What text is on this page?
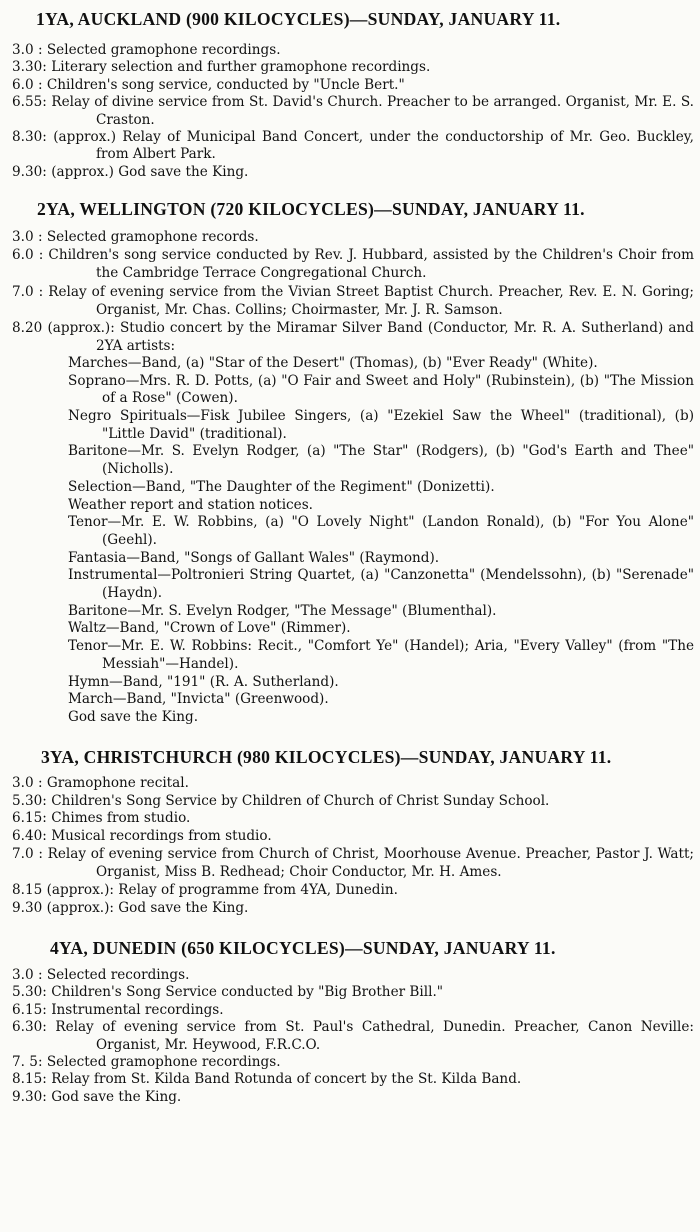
1YA, AUCKLAND (900 KILOCYCLES)—SUNDAY, JANUARY 11.

3.0 : Selected gramophone recordings.

3.30: Literary selection and further gramophone recordings.

6.0 : Children's song service, conducted by "Uncle Bert."

6.55: Relay of divine service from St. David's Church. Preacher to be arranged. Organist, Mr. E. S. Craston.

8.30: (approx.) Relay of Municipal Band Concert, under the conductorship of Mr. Geo. Buckley, from Albert Park.

9.30: (approx.) God save the King.

2YA, WELLINGTON (720 KILOCYCLES)—SUNDAY, JANUARY 11.

3.0 : Selected gramophone records.

6.0 : Children's song service conducted by Rev. J. Hubbard, assisted by the Children's Choir from the Cambridge Terrace Congregational Church.

7.0 : Relay of evening service from the Vivian Street Baptist Church. Preacher, Rev. E. N. Goring; Organist, Mr. Chas. Collins; Choirmaster, Mr. J. R. Samson.

8.20 (approx.): Studio concert by the Miramar Silver Band (Conductor, Mr. R. A. Sutherland) and 2YA artists:

Marches—Band, (a) "Star of the Desert" (Thomas), (b) "Ever Ready" (White).

Soprano—Mrs. R. D. Potts, (a) "O Fair and Sweet and Holy" (Rubinstein), (b) "The Mission of a Rose" (Cowen).

Negro Spirituals—Fisk Jubilee Singers, (a) "Ezekiel Saw the Wheel" (traditional), (b) "Little David" (traditional).

Baritone—Mr. S. Evelyn Rodger, (a) "The Star" (Rodgers), (b) "God's Earth and Thee" (Nicholls).

Selection—Band, "The Daughter of the Regiment" (Donizetti).

Weather report and station notices.

Tenor—Mr. E. W. Robbins, (a) "O Lovely Night" (Landon Ronald), (b) "For You Alone" (Geehl).

Fantasia—Band, "Songs of Gallant Wales" (Raymond).

Instrumental—Poltronieri String Quartet, (a) "Canzonetta" (Mendelssohn), (b) "Serenade" (Haydn).

Baritone—Mr. S. Evelyn Rodger, "The Message" (Blumenthal).

Waltz—Band, "Crown of Love" (Rimmer).

Tenor—Mr. E. W. Robbins: Recit., "Comfort Ye" (Handel); Aria, "Every Valley" (from "The Messiah"—Handel).

Hymn—Band, "191" (R. A. Sutherland).

March—Band, "Invicta" (Greenwood).

God save the King.

3YA, CHRISTCHURCH (980 KILOCYCLES)—SUNDAY, JANUARY 11.

3.0 : Gramophone recital.

5.30: Children's Song Service by Children of Church of Christ Sunday School.

6.15: Chimes from studio.

6.40: Musical recordings from studio.

7.0 : Relay of evening service from Church of Christ, Moorhouse Avenue. Preacher, Pastor J. Watt; Organist, Miss B. Redhead; Choir Conductor, Mr. H. Ames.

8.15 (approx.): Relay of programme from 4YA, Dunedin.

9.30 (approx.): God save the King.

4YA, DUNEDIN (650 KILOCYCLES)—SUNDAY, JANUARY 11.

3.0 : Selected recordings.

5.30: Children's Song Service conducted by "Big Brother Bill."

6.15: Instrumental recordings.

6.30: Relay of evening service from St. Paul's Cathedral, Dunedin. Preacher, Canon Neville: Organist, Mr. Heywood, F.R.C.O.

7. 5: Selected gramophone recordings.

8.15: Relay from St. Kilda Band Rotunda of concert by the St. Kilda Band.

9.30: God save the King.
